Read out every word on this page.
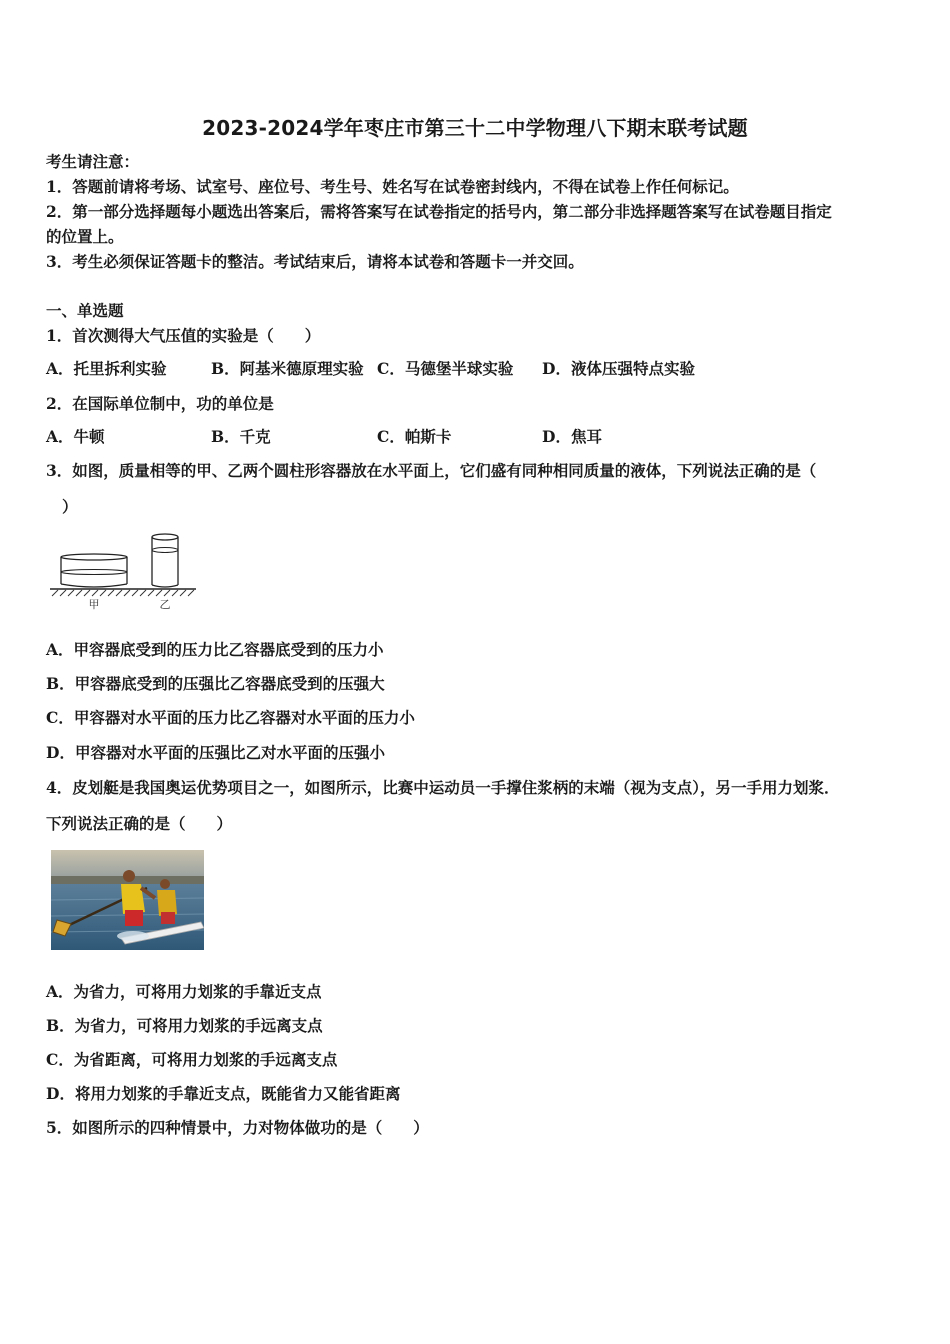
2023-2024学年枣庄市第三十二中学物理八下期末联考试题
考生请注意：
1．答题前请将考场、试室号、座位号、考生号、姓名写在试卷密封线内，不得在试卷上作任何标记。
2．第一部分选择题每小题选出答案后，需将答案写在试卷指定的括号内，第二部分非选择题答案写在试卷题目指定
的位置上。
3．考生必须保证答题卡的整洁。考试结束后，请将本试卷和答题卡一并交回。
一、单选题
1．首次测得大气压值的实验是（　　）
A．托里拆利实验	B．阿基米德原理实验 C．马德堡半球实验 D．液体压强特点实验
2．在国际单位制中，功的单位是
A．牛顿	B．千克	C．帕斯卡	D．焦耳
3．如图，质量相等的甲、乙两个圆柱形容器放在水平面上，它们盛有同种相同质量的液体，下列说法正确的是（
）
甲	乙
A．甲容器底受到的压力比乙容器底受到的压力小
B．甲容器底受到的压强比乙容器底受到的压强大
C．甲容器对水平面的压力比乙容器对水平面的压力小
D．甲容器对水平面的压强比乙对水平面的压强小
4．皮划艇是我国奥运优势项目之一，如图所示，比赛中运动员一手撑住浆柄的末端（视为支点），另一手用力划浆．
下列说法正确的是（　　）
A．为省力，可将用力划浆的手靠近支点
B．为省力，可将用力划浆的手远离支点
C．为省距离，可将用力划浆的手远离支点
D．将用力划浆的手靠近支点，既能省力又能省距离
5．如图所示的四种情景中，力对物体做功的是（　　）
